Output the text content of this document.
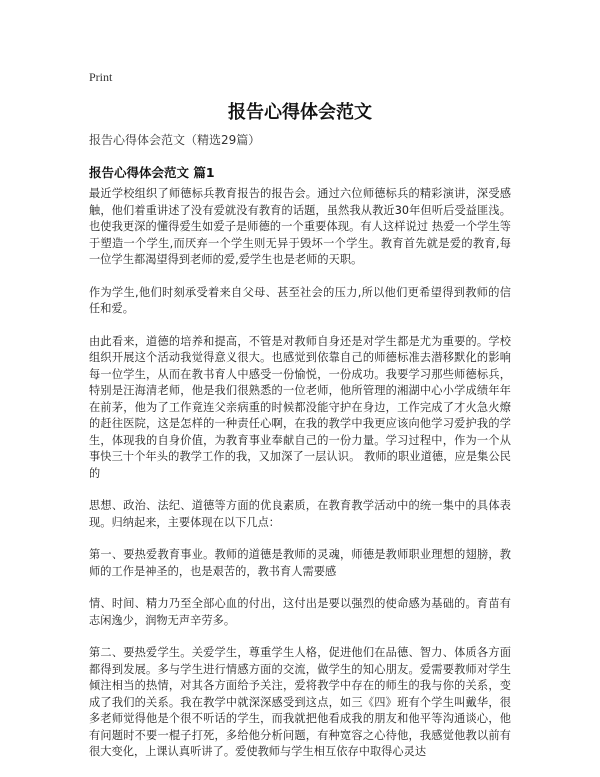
Print
报告心得体会范文
报告心得体会范文（精选29篇）
报告心得体会范文 篇1

最近学校组织了师德标兵教育报告的报告会。通过六位师德标兵的精彩演讲，深受感触，他们着重讲述了没有爱就没有教育的话题，虽然我从教近30年但听后受益匪浅。也使我更深的懂得爱生如爱子是师德的一个重要体现。有人这样说过 热爱一个学生等于塑造一个学生,而厌弃一个学生则无异于毁坏一个学生。教育首先就是爱的教育,每一位学生都渴望得到老师的爱,爱学生也是老师的天职。

作为学生,他们时刻承受着来自父母、甚至社会的压力,所以他们更希望得到教师的信任和爱。

由此看来，道德的培养和提高，不管是对教师自身还是对学生都是尤为重要的。学校组织开展这个活动我觉得意义很大。也感觉到依靠自己的师德标准去潜移默化的影响每一位学生，从而在教书育人中感受一份愉悦，一份成功。我要学习那些师德标兵，特别是汪海清老师，他是我们很熟悉的一位老师，他所管理的湘湖中心小学成绩年年在前茅，他为了工作竟连父亲病重的时候都没能守护在身边，工作完成了才火急火燎的赶往医院，这是怎样的一种责任心啊，在我的教学中我更应该向他学习爱护我的学生，体现我的自身价值，为教育事业奉献自己的一份力量。学习过程中，作为一个从事快三十个年头的教学工作的我，又加深了一层认识。 教师的职业道德，应是集公民的

思想、政治、法纪、道德等方面的优良素质，在教育教学活动中的统一集中的具体表现。归纳起来，主要体现在以下几点：

第一、要热爱教育事业。教师的道德是教师的灵魂，师德是教师职业理想的翅膀，教师的工作是神圣的，也是艰苦的，教书育人需要感

情、时间、精力乃至全部心血的付出，这付出是要以强烈的使命感为基础的。育苗有志闲逸少，润物无声辛劳多。

第二、要热爱学生。关爱学生，尊重学生人格，促进他们在品德、智力、体质各方面都得到发展。多与学生进行情感方面的交流，做学生的知心朋友。爱需要教师对学生倾注相当的热情，对其各方面给予关注，爱将教学中存在的师生的我与你的关系，变成了我们的关系。我在教学中就深深感受到这点，如三《四》班有个学生叫戴华，很多老师觉得他是个很不听话的学生，而我就把他看成我的朋友和他平等沟通谈心，他有问题时不要一棍子打死，多给他分析问题，有种宽容之心待他，我感觉他教以前有很大变化，上课认真听讲了。爱使教师与学生相互依存中取得心灵达
